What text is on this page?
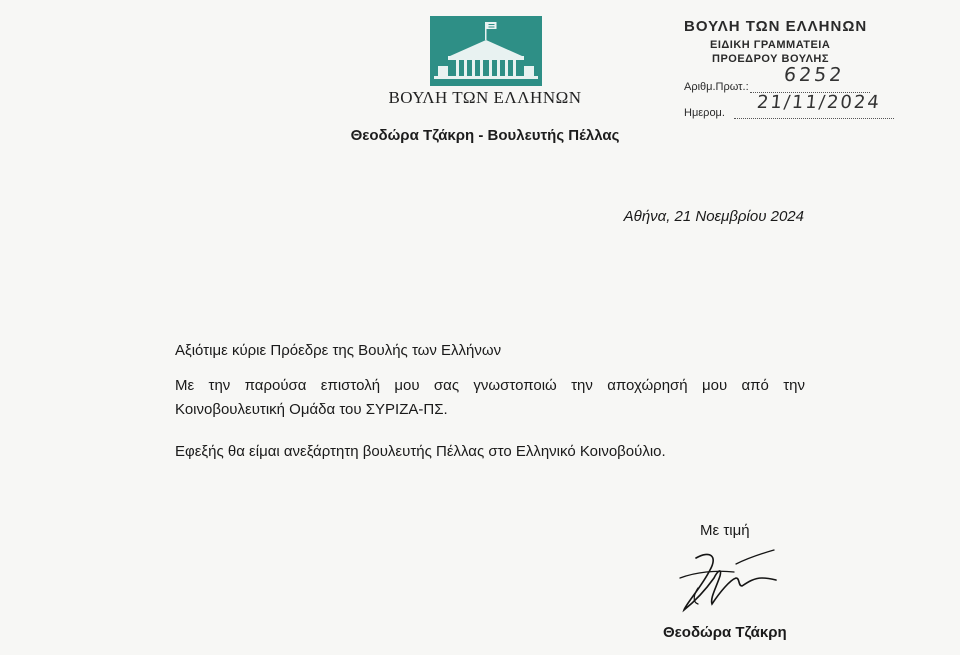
ΒΟΥΛΗ ΤΩΝ ΕΛΛΗΝΩΝ
Θεοδώρα Τζάκρη - Βουλευτής Πέλλας
ΒΟΥΛΗ ΤΩΝ ΕΛΛΗΝΩΝ
ΕΙΔΙΚΗ ΓΡΑΜΜΑΤΕΙΑ
ΠΡΟΕΔΡΟΥ ΒΟΥΛΗΣ
Αριθμ.Πρωτ.:
6252
Ημερομ. 21/11/2024
Αθήνα, 21 Νοεμβρίου 2024
Αξιότιμε κύριε Πρόεδρε της Βουλής των Ελλήνων
Με την παρούσα επιστολή μου σας γνωστοποιώ την αποχώρησή μου από την Κοινοβουλευτική Ομάδα του ΣΥΡΙΖΑ-ΠΣ.
Εφεξής θα είμαι ανεξάρτητη βουλευτής Πέλλας στο Ελληνικό Κοινοβούλιο.
Με τιμή
Θεοδώρα Τζάκρη
